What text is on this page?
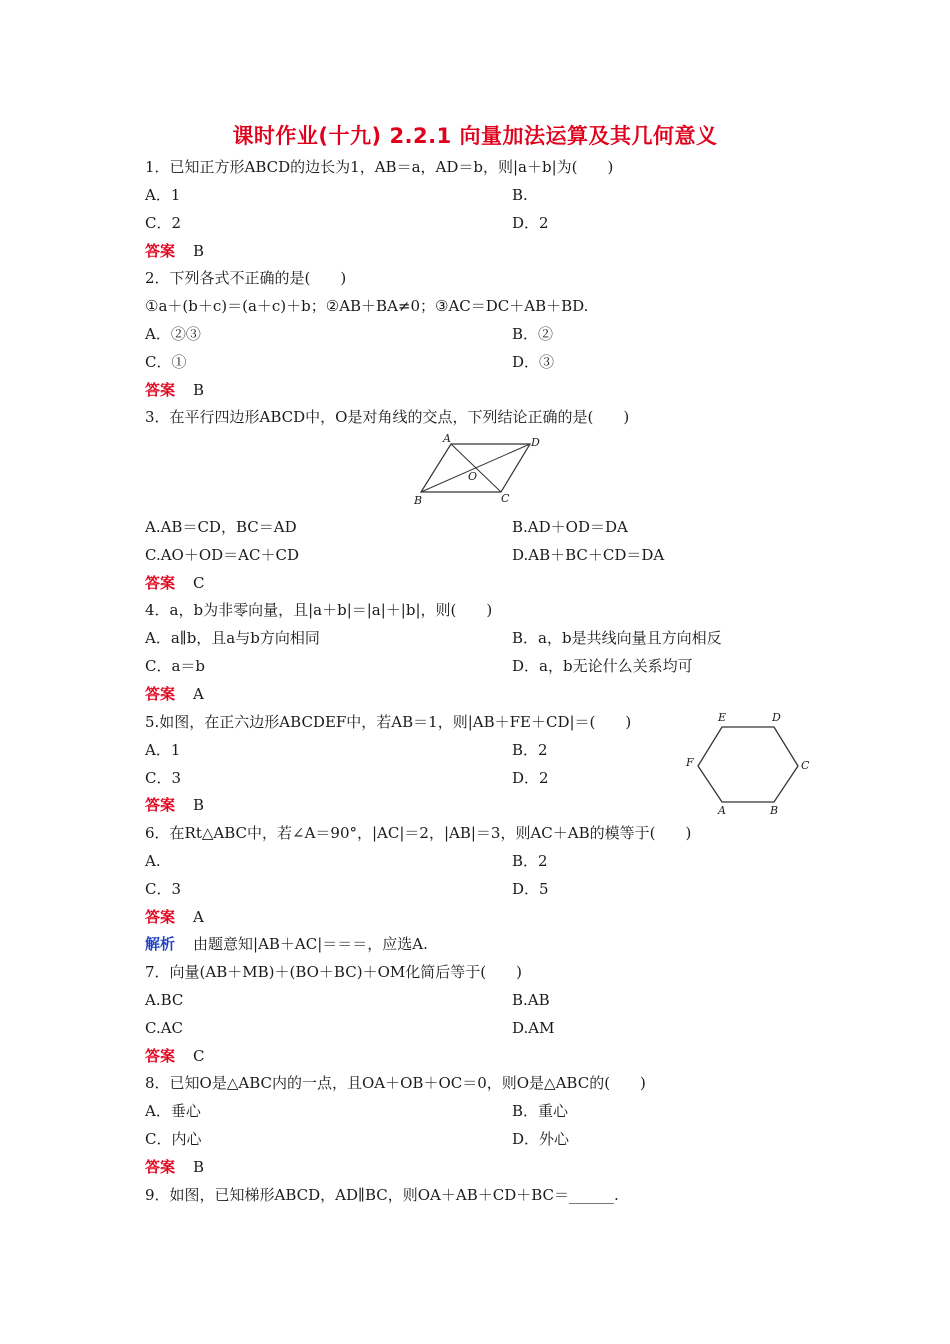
课时作业(十九) 2.2.1 向量加法运算及其几何意义
1．已知正方形ABCD的边长为1，AB＝a，AD＝b，则|a＋b|为(　　)
A．1	B.
C．2	D．2
答案 B
2．下列各式不正确的是(　　)
①a＋(b＋c)＝(a＋c)＋b；②AB＋BA≠0；③AC＝DC＋AB＋BD.
A．②③	B．②
C．①	D．③
答案 B
3．在平行四边形ABCD中，O是对角线的交点，下列结论正确的是(　　)
A	D
B	C
O
A.AB＝CD，BC＝AD	B.AD＋OD＝DA
C.AO＋OD＝AC＋CD	D.AB＋BC＋CD＝DA
答案 C
4．a，b为非零向量，且|a＋b|＝|a|＋|b|，则(　　)
A．a∥b，且a与b方向相同	B．a，b是共线向量且方向相反
C．a＝b	D．a，b无论什么关系均可
答案 A
5.如图，在正六边形ABCDEF中，若AB＝1，则|AB＋FE＋CD|＝(　　)
A．1	B．2
C．3	D．2
答案 B
E	D
C
F
A	B
6．在Rt△ABC中，若∠A＝90°，|AC|＝2，|AB|＝3，则AC＋AB的模等于(　　)
A.	B．2
C．3	D．5
答案 A
解析 由题意知|AB＋AC|＝＝＝，应选A.
7．向量(AB＋MB)＋(BO＋BC)＋OM化简后等于(　　)
A.BC	B.AB
C.AC	D.AM
答案 C
8．已知O是△ABC内的一点，且OA＋OB＋OC＝0，则O是△ABC的(　　)
A．垂心	B．重心
C．内心	D．外心
答案 B
9．如图，已知梯形ABCD，AD∥BC，则OA＋AB＋CD＋BC＝______.
